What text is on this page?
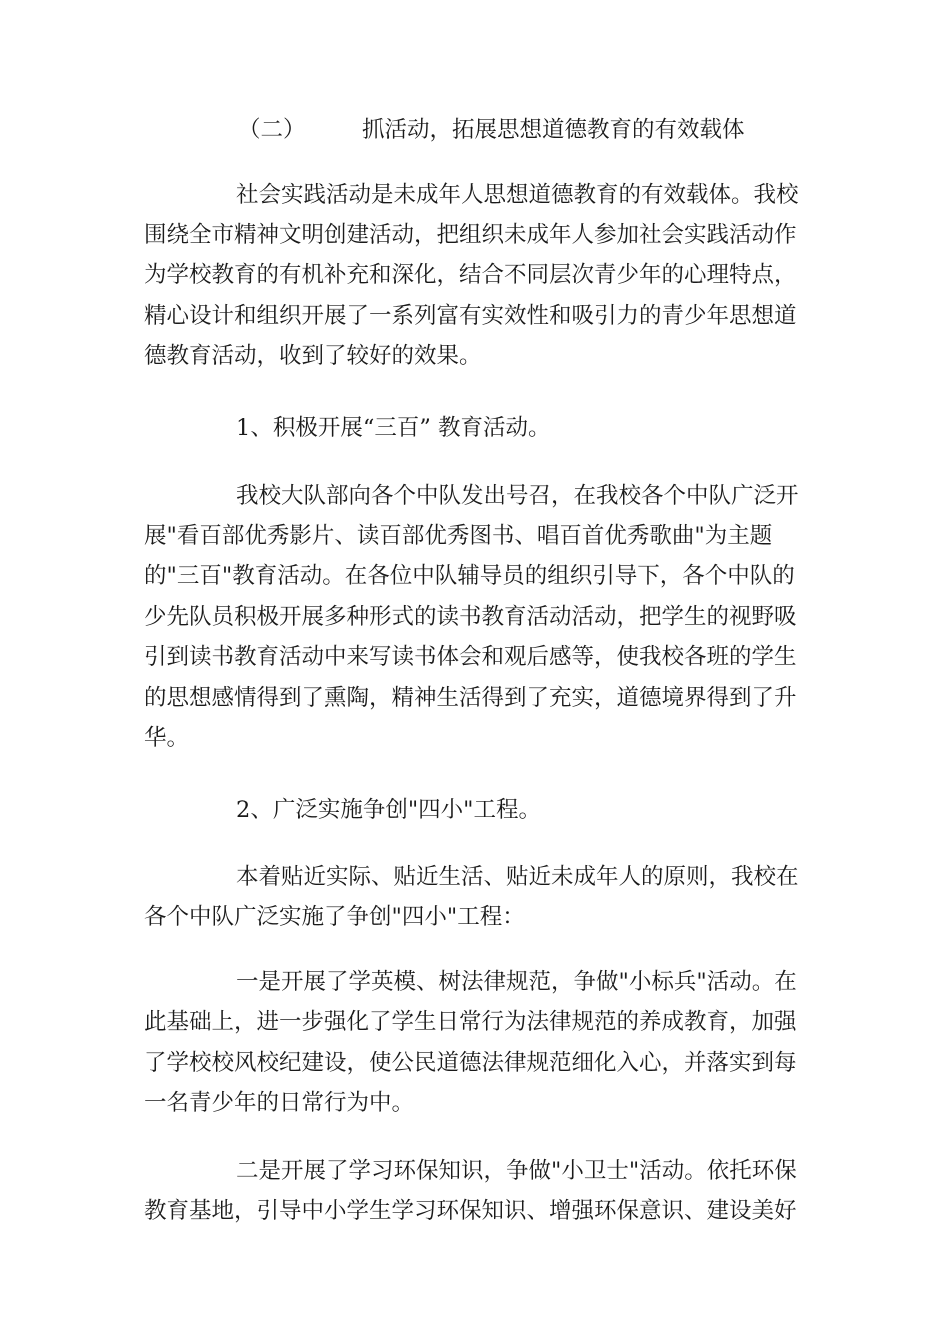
（二）	抓活动，拓展思想道德教育的有效载体
社会实践活动是未成年人思想道德教育的有效载体。我校
围绕全市精神文明创建活动，把组织未成年人参加社会实践活动作
为学校教育的有机补充和深化，结合不同层次青少年的心理特点，
精心设计和组织开展了一系列富有实效性和吸引力的青少年思想道
德教育活动，收到了较好的效果。
1、积极开展“三百” 教育活动。
我校大队部向各个中队发出号召，在我校各个中队广泛开
展"看百部优秀影片、读百部优秀图书、唱百首优秀歌曲"为主题
的"三百"教育活动。在各位中队辅导员的组织引导下，各个中队的
少先队员积极开展多种形式的读书教育活动活动，把学生的视野吸
引到读书教育活动中来写读书体会和观后感等，使我校各班的学生
的思想感情得到了熏陶，精神生活得到了充实，道德境界得到了升
华。
2、广泛实施争创"四小"工程。
本着贴近实际、贴近生活、贴近未成年人的原则，我校在
各个中队广泛实施了争创"四小"工程：
一是开展了学英模、树法律规范，争做"小标兵"活动。在
此基础上，进一步强化了学生日常行为法律规范的养成教育，加强
了学校校风校纪建设，使公民道德法律规范细化入心，并落实到每
一名青少年的日常行为中。
二是开展了学习环保知识，争做"小卫士"活动。依托环保
教育基地，引导中小学生学习环保知识、增强环保意识、建设美好
